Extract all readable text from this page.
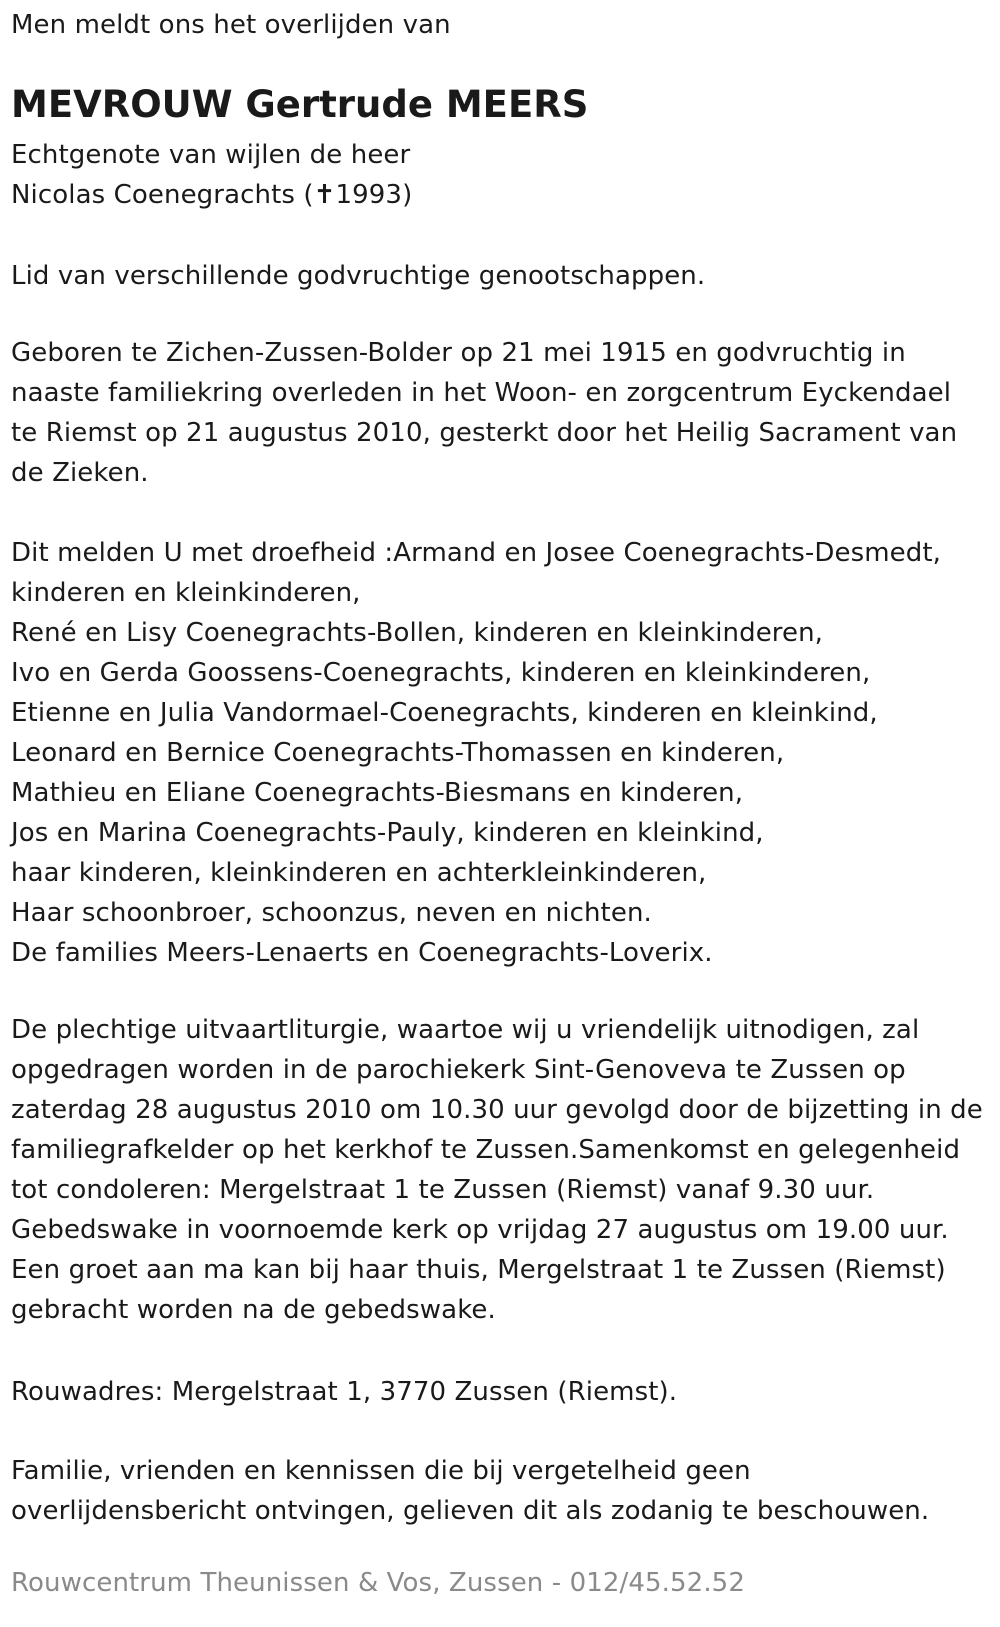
Men meldt ons het overlijden van
MEVROUW Gertrude MEERS
Echtgenote van wijlen de heer
Nicolas Coenegrachts (✝1993)
Lid van verschillende godvruchtige genootschappen.
Geboren te Zichen-Zussen-Bolder op 21 mei 1915 en godvruchtig in
naaste familiekring overleden in het Woon- en zorgcentrum Eyckendael
te Riemst op 21 augustus 2010, gesterkt door het Heilig Sacrament van
de Zieken.
Dit melden U met droefheid :Armand en Josee Coenegrachts-Desmedt,
kinderen en kleinkinderen,
René en Lisy Coenegrachts-Bollen, kinderen en kleinkinderen,
Ivo en Gerda Goossens-Coenegrachts, kinderen en kleinkinderen,
Etienne en Julia Vandormael-Coenegrachts, kinderen en kleinkind,
Leonard en Bernice Coenegrachts-Thomassen en kinderen,
Mathieu en Eliane Coenegrachts-Biesmans en kinderen,
Jos en Marina Coenegrachts-Pauly, kinderen en kleinkind,
haar kinderen, kleinkinderen en achterkleinkinderen,
Haar schoonbroer, schoonzus, neven en nichten.
De families Meers-Lenaerts en Coenegrachts-Loverix.
De plechtige uitvaartliturgie, waartoe wij u vriendelijk uitnodigen, zal
opgedragen worden in de parochiekerk Sint-Genoveva te Zussen op
zaterdag 28 augustus 2010 om 10.30 uur gevolgd door de bijzetting in de
familiegrafkelder op het kerkhof te Zussen.Samenkomst en gelegenheid
tot condoleren: Mergelstraat 1 te Zussen (Riemst) vanaf 9.30 uur.
Gebedswake in voornoemde kerk op vrijdag 27 augustus om 19.00 uur.
Een groet aan ma kan bij haar thuis, Mergelstraat 1 te Zussen (Riemst)
gebracht worden na de gebedswake.
Rouwadres: Mergelstraat 1, 3770 Zussen (Riemst).
Familie, vrienden en kennissen die bij vergetelheid geen
overlijdensbericht ontvingen, gelieven dit als zodanig te beschouwen.
Rouwcentrum Theunissen & Vos, Zussen - 012/45.52.52
